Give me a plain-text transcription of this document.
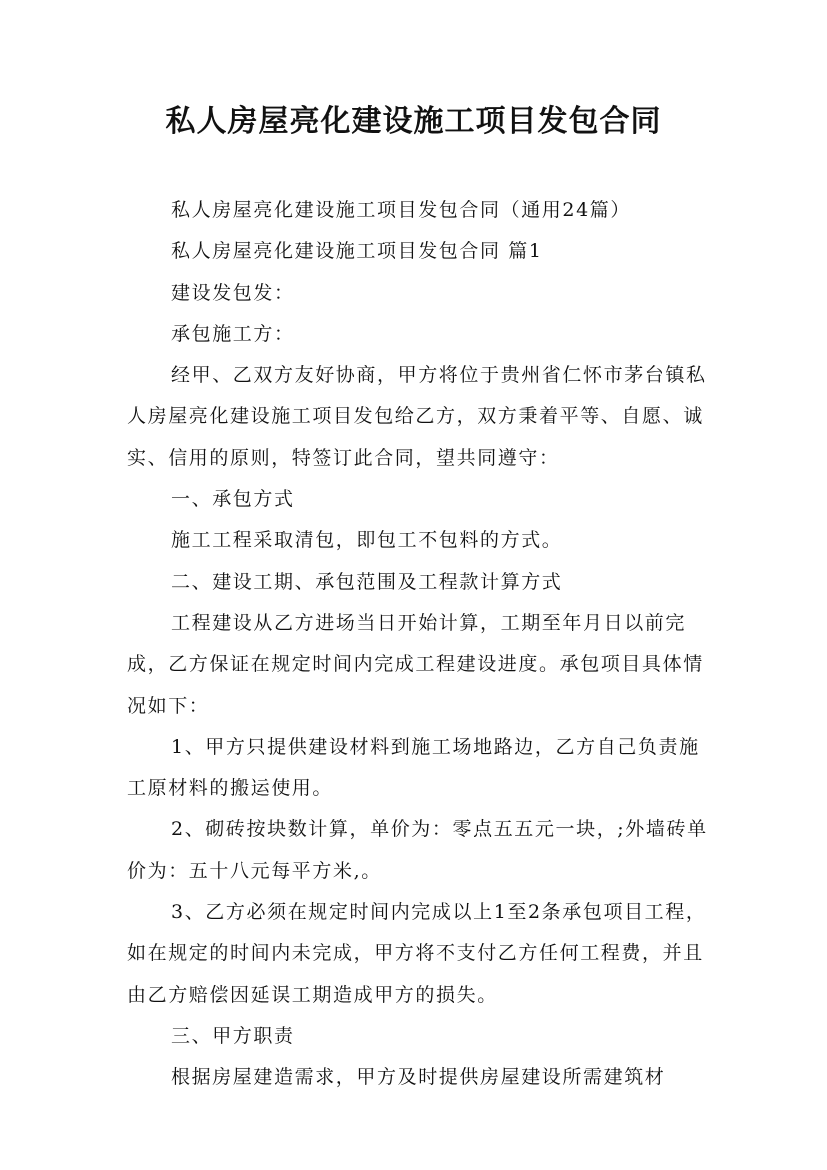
私人房屋亮化建设施工项目发包合同

私人房屋亮化建设施工项目发包合同（通用24篇）

私人房屋亮化建设施工项目发包合同 篇1

建设发包发：

承包施工方：

经甲、乙双方友好协商，甲方将位于贵州省仁怀市茅台镇私人房屋亮化建设施工项目发包给乙方，双方秉着平等、自愿、诚实、信用的原则，特签订此合同，望共同遵守：

一、承包方式

施工工程采取清包，即包工不包料的方式。

二、建设工期、承包范围及工程款计算方式

工程建设从乙方进场当日开始计算，工期至年月日以前完成，乙方保证在规定时间内完成工程建设进度。承包项目具体情况如下：

1、甲方只提供建设材料到施工场地路边，乙方自己负责施工原材料的搬运使用。

2、砌砖按块数计算，单价为：零点五五元一块，;外墙砖单价为：五十八元每平方米,。

3、乙方必须在规定时间内完成以上1至2条承包项目工程，如在规定的时间内未完成，甲方将不支付乙方任何工程费，并且由乙方赔偿因延误工期造成甲方的损失。

三、甲方职责

根据房屋建造需求，甲方及时提供房屋建设所需建筑材
